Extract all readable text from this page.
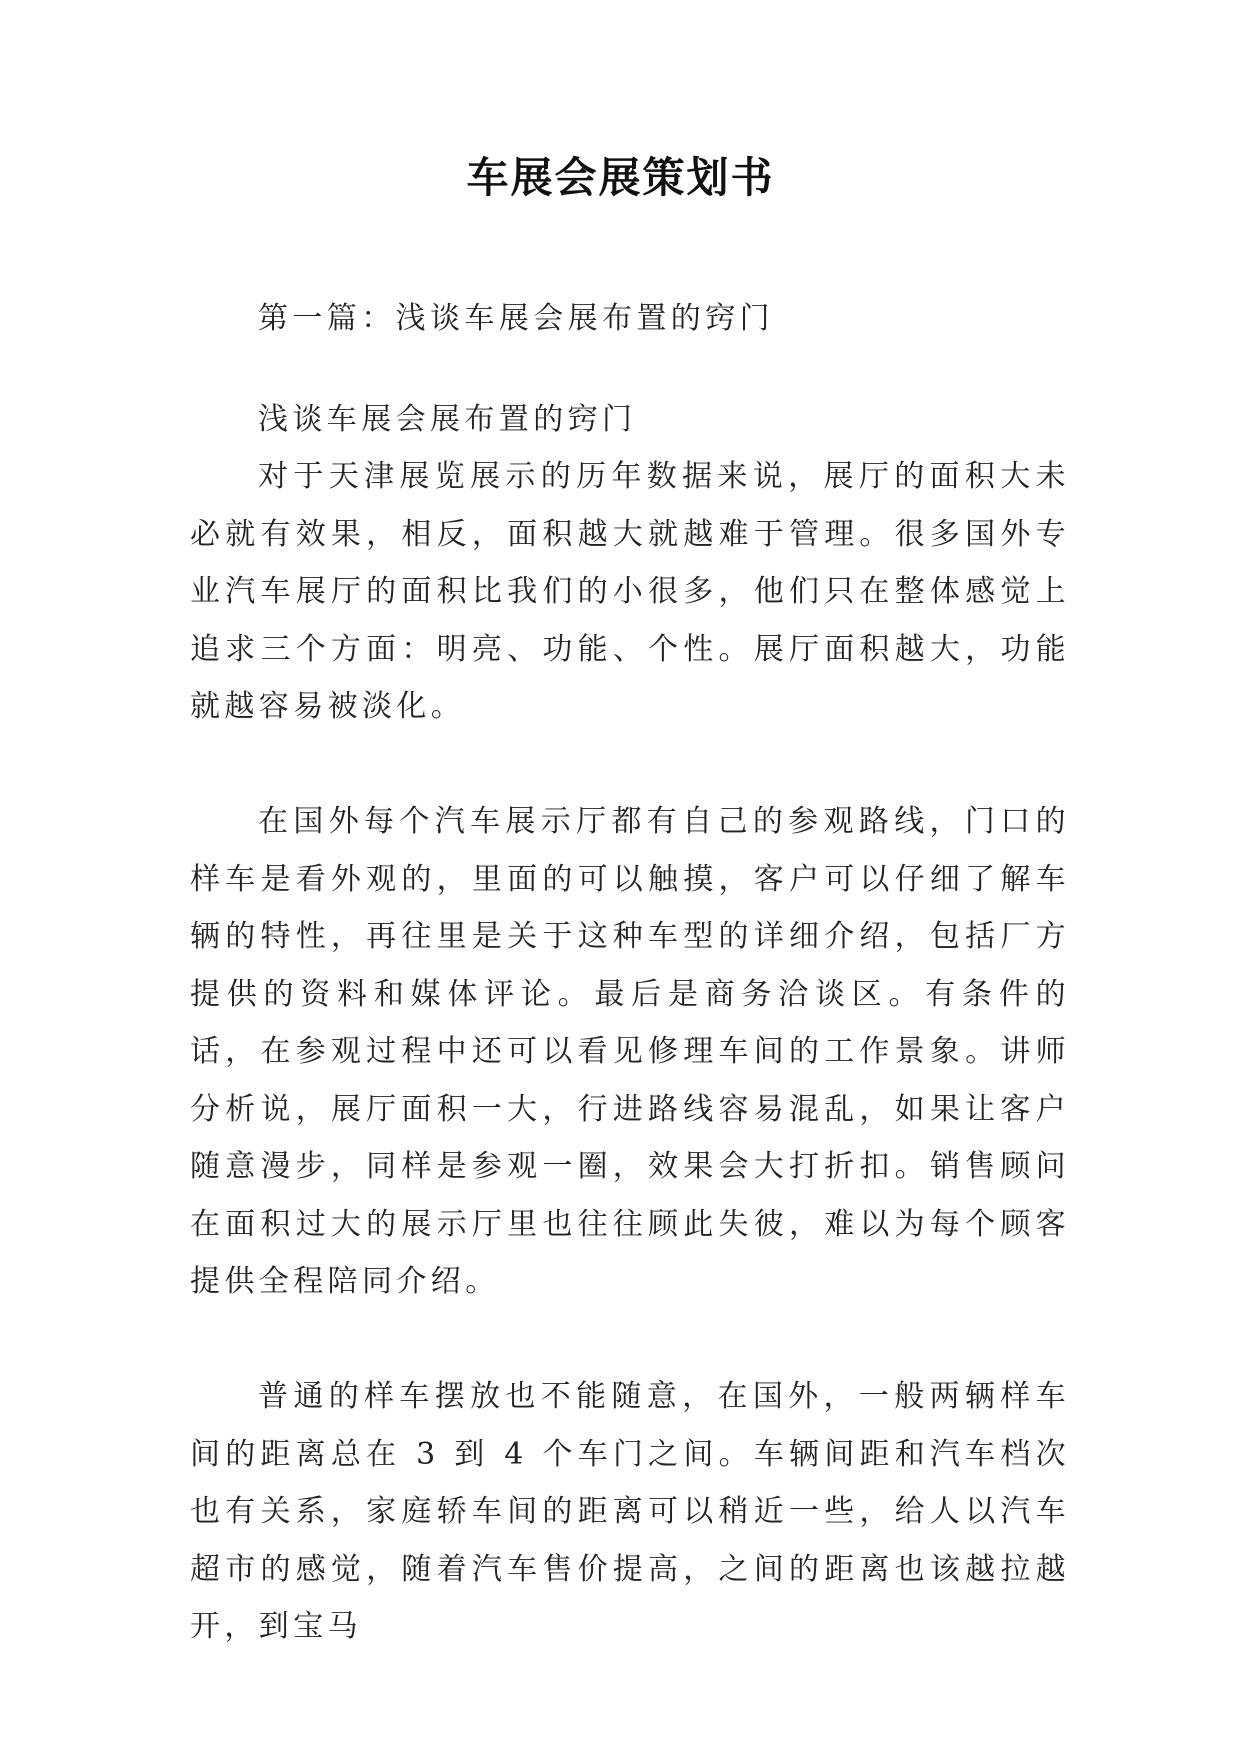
车展会展策划书

第一篇：浅谈车展会展布置的窍门

浅谈车展会展布置的窍门

对于天津展览展示的历年数据来说，展厅的面积大未必就有效果，相反，面积越大就越难于管理。很多国外专业汽车展厅的面积比我们的小很多，他们只在整体感觉上追求三个方面：明亮、功能、个性。展厅面积越大，功能就越容易被淡化。

在国外每个汽车展示厅都有自己的参观路线，门口的样车是看外观的，里面的可以触摸，客户可以仔细了解车辆的特性，再往里是关于这种车型的详细介绍，包括厂方提供的资料和媒体评论。最后是商务洽谈区。有条件的话，在参观过程中还可以看见修理车间的工作景象。讲师分析说，展厅面积一大，行进路线容易混乱，如果让客户随意漫步，同样是参观一圈，效果会大打折扣。销售顾问在面积过大的展示厅里也往往顾此失彼，难以为每个顾客提供全程陪同介绍。

普通的样车摆放也不能随意，在国外，一般两辆样车间的距离总在 3 到 4 个车门之间。车辆间距和汽车档次也有关系，家庭轿车间的距离可以稍近一些，给人以汽车超市的感觉，随着汽车售价提高，之间的距离也该越拉越开，到宝马
